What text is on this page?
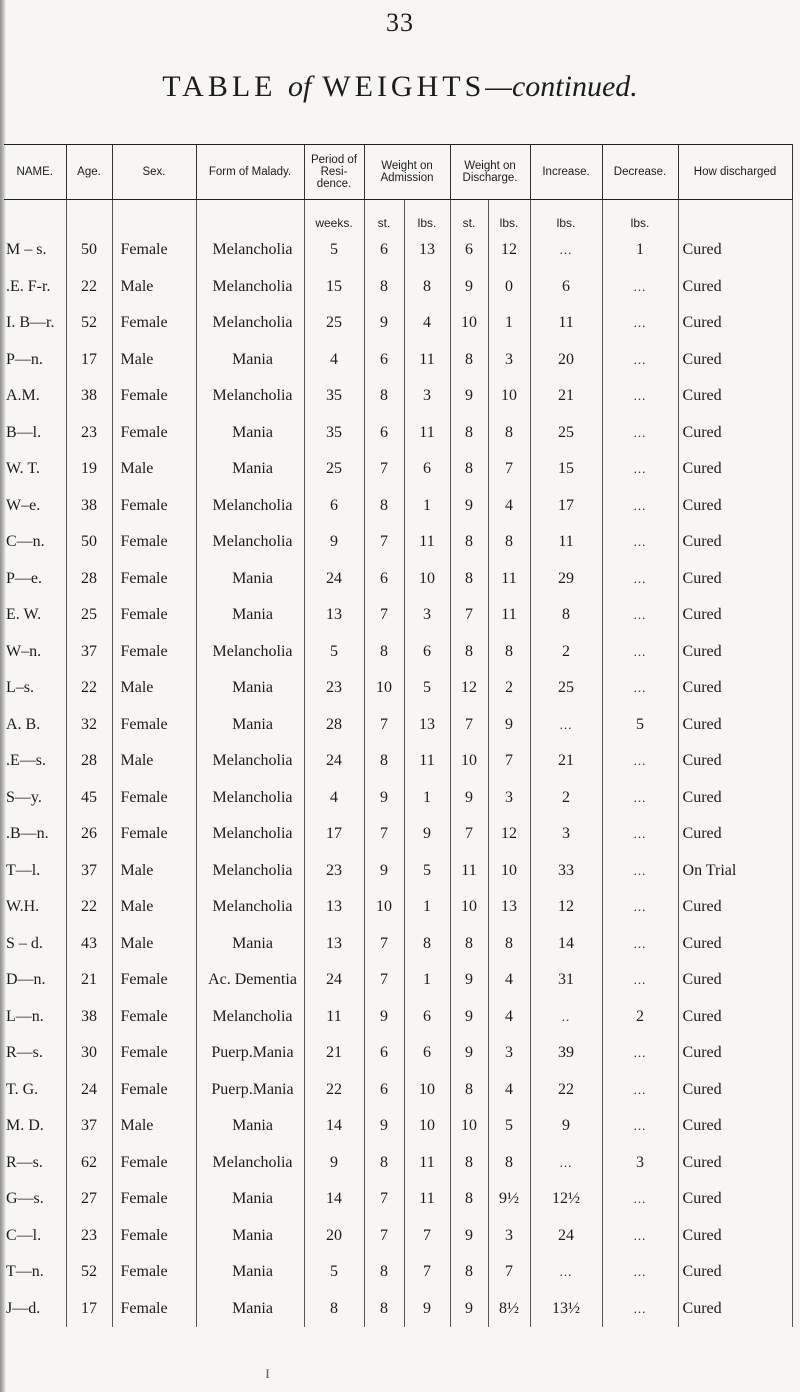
33
TABLE of WEIGHTS—continued.
NAME.	Age.	Sex.	Form of Malady.	Period of Resi-dence.	Weight on Admission		Weight on Discharge.		Increase.	Decrease.	How discharged
				weeks.	st.	lbs.	st.	lbs.	lbs.	lbs.	
M – s.	50	Female	Melancholia	5	6	13	6	12	...	1	Cured
.E. F-r.	22	Male	Melancholia	15	8	8	9	0	6	...	Cured
I. B—r.	52	Female	Melancholia	25	9	4	10	1	11	...	Cured
P—n.	17	Male	Mania	4	6	11	8	3	20	...	Cured
A.M.	38	Female	Melancholia	35	8	3	9	10	21	...	Cured
B—l.	23	Female	Mania	35	6	11	8	8	25	...	Cured
W. T.	19	Male	Mania	25	7	6	8	7	15	...	Cured
W–e.	38	Female	Melancholia	6	8	1	9	4	17	...	Cured
C—n.	50	Female	Melancholia	9	7	11	8	8	11	...	Cured
P—e.	28	Female	Mania	24	6	10	8	11	29	...	Cured
E. W.	25	Female	Mania	13	7	3	7	11	8	...	Cured
W–n.	37	Female	Melancholia	5	8	6	8	8	2	...	Cured
L–s.	22	Male	Mania	23	10	5	12	2	25	...	Cured
A. B.	32	Female	Mania	28	7	13	7	9	...	5	Cured
.E—s.	28	Male	Melancholia	24	8	11	10	7	21	...	Cured
S—y.	45	Female	Melancholia	4	9	1	9	3	2	...	Cured
.B—n.	26	Female	Melancholia	17	7	9	7	12	3	...	Cured
T—l.	37	Male	Melancholia	23	9	5	11	10	33	...	On Trial
W.H.	22	Male	Melancholia	13	10	1	10	13	12	...	Cured
S – d.	43	Male	Mania	13	7	8	8	8	14	...	Cured
D—n.	21	Female	Ac. Dementia	24	7	1	9	4	31	...	Cured
L—n.	38	Female	Melancholia	11	9	6	9	4	..	2	Cured
R—s.	30	Female	Puerp.Mania	21	6	6	9	3	39	...	Cured
T. G.	24	Female	Puerp.Mania	22	6	10	8	4	22	...	Cured
M. D.	37	Male	Mania	14	9	10	10	5	9	...	Cured
R—s.	62	Female	Melancholia	9	8	11	8	8	...	3	Cured
G—s.	27	Female	Mania	14	7	11	8	9½	12½	...	Cured
C—l.	23	Female	Mania	20	7	7	9	3	24	...	Cured
T—n.	52	Female	Mania	5	8	7	8	7	...	...	Cured
J—d.	17	Female	Mania	8	8	9	9	8½	13½	...	Cured
ɪ
